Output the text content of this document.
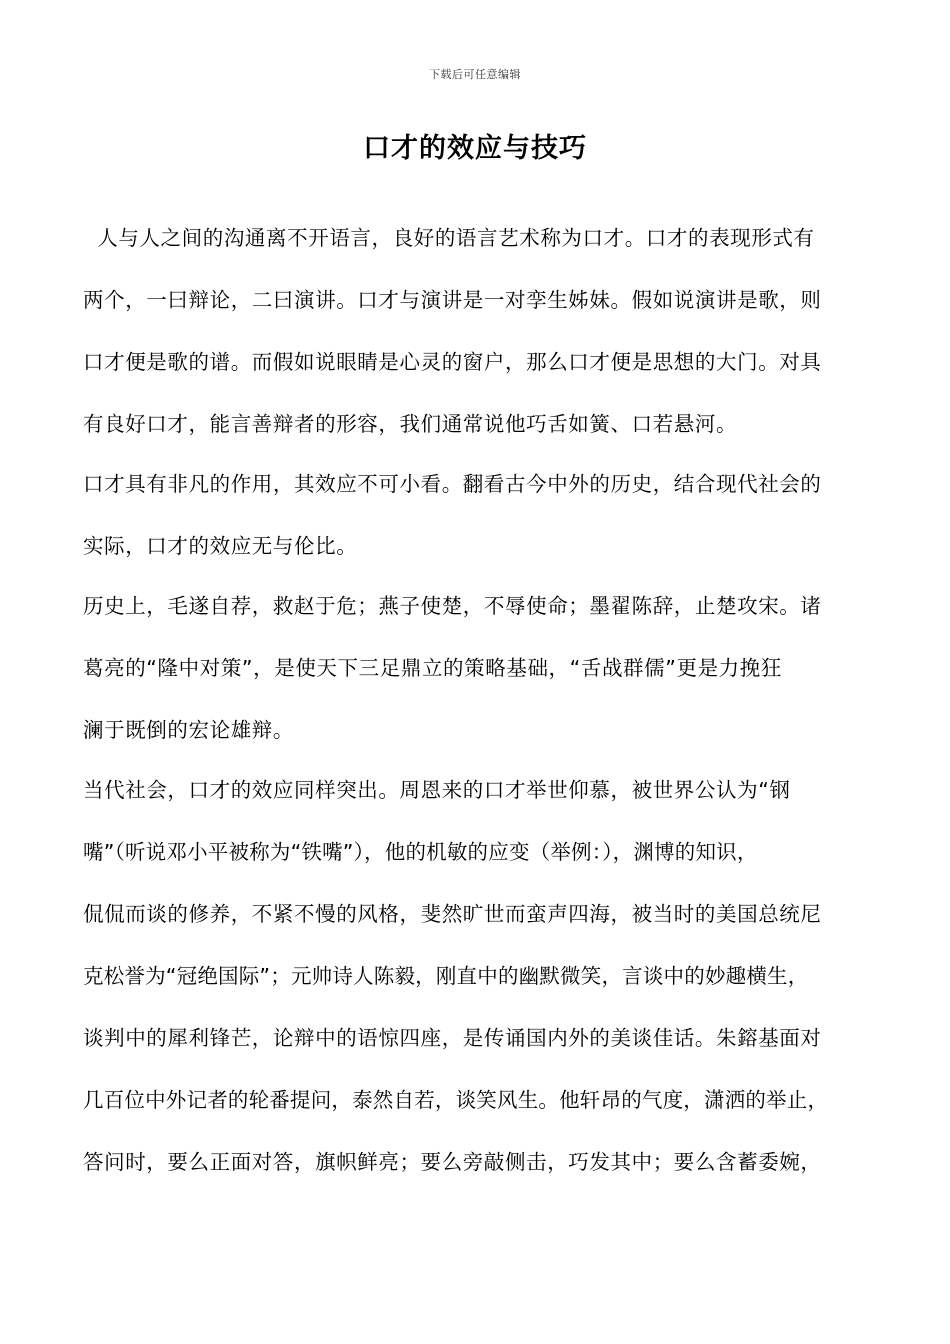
下载后可任意编辑
口才的效应与技巧
人与人之间的沟通离不开语言，良好的语言艺术称为口才。口才的表现形式有
两个，一曰辩论，二曰演讲。口才与演讲是一对孪生姊妹。假如说演讲是歌，则
口才便是歌的谱。而假如说眼睛是心灵的窗户，那么口才便是思想的大门。对具
有良好口才，能言善辩者的形容，我们通常说他巧舌如簧、口若悬河。
口才具有非凡的作用，其效应不可小看。翻看古今中外的历史，结合现代社会的
实际，口才的效应无与伦比。
历史上，毛遂自荐，救赵于危；燕子使楚，不辱使命；墨翟陈辞，止楚攻宋。诸
葛亮的“隆中对策”，是使天下三足鼎立的策略基础，“舌战群儒”更是力挽狂
澜于既倒的宏论雄辩。
当代社会，口才的效应同样突出。周恩来的口才举世仰慕，被世界公认为“钢
嘴”（听说邓小平被称为“铁嘴”），他的机敏的应变（举例：），渊博的知识，
侃侃而谈的修养，不紧不慢的风格，斐然旷世而蛮声四海，被当时的美国总统尼
克松誉为“冠绝国际”；元帅诗人陈毅，刚直中的幽默微笑，言谈中的妙趣横生，
谈判中的犀利锋芒，论辩中的语惊四座，是传诵国内外的美谈佳话。朱鎔基面对
几百位中外记者的轮番提问，泰然自若，谈笑风生。他轩昂的气度，潇洒的举止，
答问时，要么正面对答，旗帜鲜亮；要么旁敲侧击，巧发其中；要么含蓄委婉，
